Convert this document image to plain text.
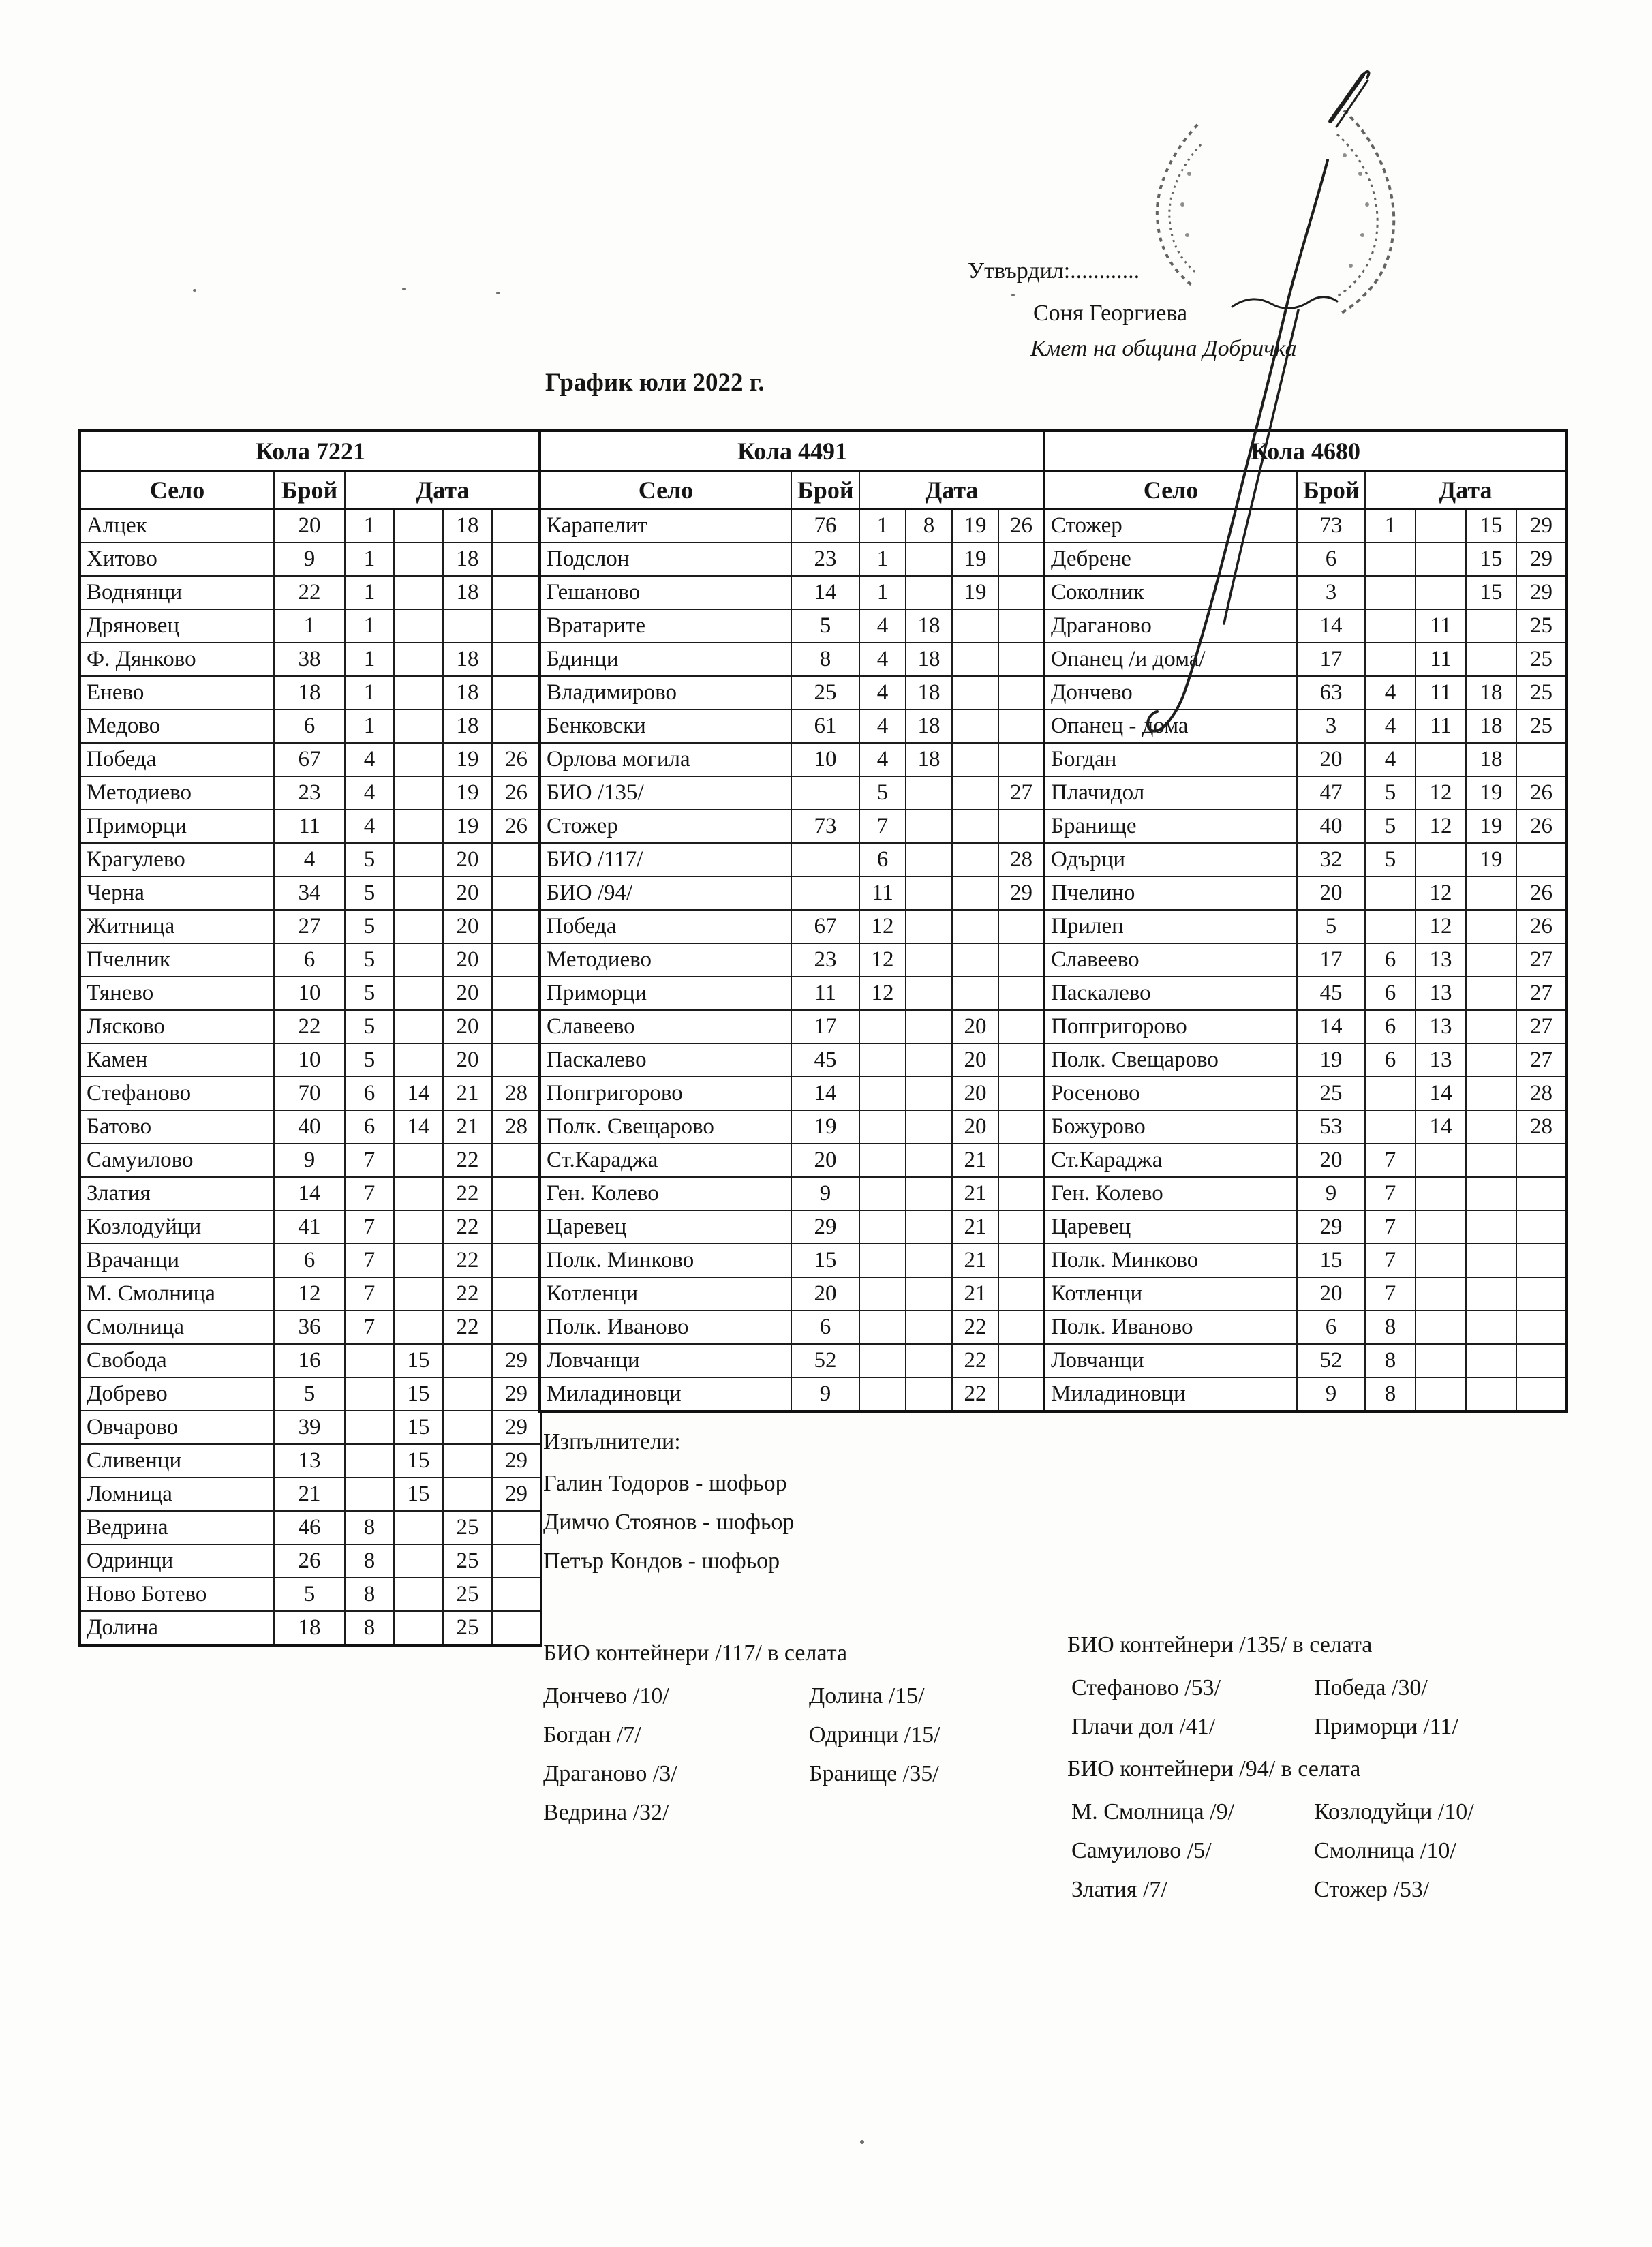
Утвърдил:............
Соня Георгиева
Кмет на община Добричка
График юли 2022 г.
Кола 7221					
Село	Брой	Дата			
Алцек	20	1		18	
Хитово	9	1		18	
Воднянци	22	1		18	
Дряновец	1	1			
Ф. Дянково	38	1		18	
Енево	18	1		18	
Медово	6	1		18	
Победа	67	4		19	26
Методиево	23	4		19	26
Приморци	11	4		19	26
Крагулево	4	5		20	
Черна	34	5		20	
Житница	27	5		20	
Пчелник	6	5		20	
Тянево	10	5		20	
Лясково	22	5		20	
Камен	10	5		20	
Стефаново	70	6	14	21	28
Батово	40	6	14	21	28
Самуилово	9	7		22	
Златия	14	7		22	
Козлодуйци	41	7		22	
Врачанци	6	7		22	
М. Смолница	12	7		22	
Смолница	36	7		22	
Свобода	16		15		29
Добрево	5		15		29
Овчарово	39		15		29
Сливенци	13		15		29
Ломница	21		15		29
Ведрина	46	8		25	
Одринци	26	8		25	
Ново Ботево	5	8		25	
Долина	18	8		25	
Кола 4491					
Село	Брой	Дата			
Карапелит	76	1	8	19	26
Подслон	23	1		19	
Гешаново	14	1		19	
Вратарите	5	4	18		
Бдинци	8	4	18		
Владимирово	25	4	18		
Бенковски	61	4	18		
Орлова могила	10	4	18		
БИО /135/		5			27
Стожер	73	7			
БИО /117/		6			28
БИО /94/		11			29
Победа	67	12			
Методиево	23	12			
Приморци	11	12			
Славеево	17			20	
Паскалево	45			20	
Попгригорово	14			20	
Полк. Свещарово	19			20	
Ст.Караджа	20			21	
Ген. Колево	9			21	
Царевец	29			21	
Полк. Минково	15			21	
Котленци	20			21	
Полк. Иваново	6			22	
Ловчанци	52			22	
Миладиновци	9			22	
Кола 4680					
Село	Брой	Дата			
Стожер	73	1		15	29
Дебрене	6			15	29
Соколник	3			15	29
Драганово	14		11		25
Опанец /и дома/	17		11		25
Дончево	63	4	11	18	25
Опанец - дома	3	4	11	18	25
Богдан	20	4		18	
Плачидол	47	5	12	19	26
Бранище	40	5	12	19	26
Одърци	32	5		19	
Пчелино	20		12		26
Прилеп	5		12		26
Славеево	17	6	13		27
Паскалево	45	6	13		27
Попгригорово	14	6	13		27
Полк. Свещарово	19	6	13		27
Росеново	25		14		28
Божурово	53		14		28
Ст.Караджа	20	7			
Ген. Колево	9	7			
Царевец	29	7			
Полк. Минково	15	7			
Котленци	20	7			
Полк. Иваново	6	8			
Ловчанци	52	8			
Миладиновци	9	8			
Изпълнители:
Галин Тодоров - шофьор
Димчо Стоянов - шофьор
Петър Кондов - шофьор
БИО контейнери /117/ в селата
Дончево /10/
Богдан /7/
Драганово /3/
Ведрина /32/
Долина /15/
Одринци /15/
Бранище /35/
БИО контейнери /135/ в селата
Стефаново /53/
Плачи дол /41/
Победа /30/
Приморци /11/
БИО контейнери /94/ в селата
М. Смолница /9/
Самуилово /5/
Златия /7/
Козлодуйци /10/
Смолница /10/
Стожер /53/
